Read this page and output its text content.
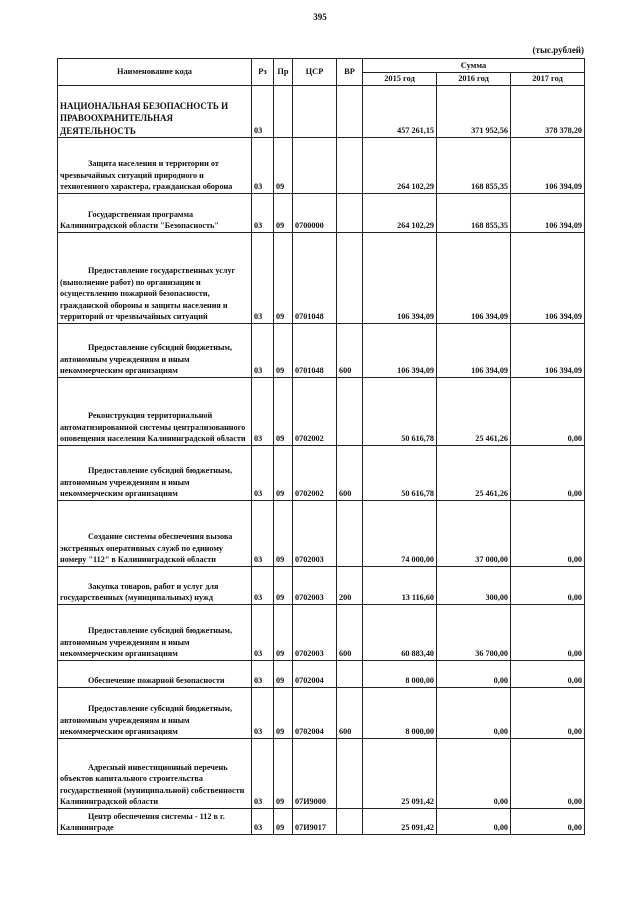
395
(тыс.рублей)
Наименование кода	Рз	Пр	ЦСР	ВР	Сумма		
					2015 год	2016 год	2017 год
НАЦИОНАЛЬНАЯ БЕЗОПАСНОСТЬ И ПРАВООХРАНИТЕЛЬНАЯ ДЕЯТЕЛЬНОСТЬ	03				457 261,15	371 952,56	378 378,20
Защита населения и территории от чрезвычайных ситуаций природного и техногенного характера, гражданская оборона	03	09			264 102,29	168 855,35	106 394,09
Государственная программа Калининградской области "Безопасность"	03	09	0700000		264 102,29	168 855,35	106 394,09
Предоставление государственных услуг (выполнение работ) по организации и осуществлению пожарной безопасности, гражданской обороны и защиты населения и территорий от чрезвычайных ситуаций	03	09	0701048		106 394,09	106 394,09	106 394,09
Предоставление субсидий бюджетным, автономным учреждениям и иным некоммерческим организациям	03	09	0701048	600	106 394,09	106 394,09	106 394,09
Реконструкция территориальной автоматизированной системы централизованного оповещения населения Калининградской области	03	09	0702002		50 616,78	25 461,26	0,00
Предоставление субсидий бюджетным, автономным учреждениям и иным некоммерческим организациям	03	09	0702002	600	50 616,78	25 461,26	0,00
Создание системы обеспечения вызова экстренных оперативных служб по единому номеру "112" в Калининградской области	03	09	0702003		74 000,00	37 000,00	0,00
Закупка товаров, работ и услуг для государственных (муниципальных) нужд	03	09	0702003	200	13 116,60	300,00	0,00
Предоставление субсидий бюджетным, автономным учреждениям и иным некоммерческим организациям	03	09	0702003	600	60 883,40	36 700,00	0,00
Обеспечение пожарной безопасности	03	09	0702004		8 000,00	0,00	0,00
Предоставление субсидий бюджетным, автономным учреждениям и иным некоммерческим организациям	03	09	0702004	600	8 000,00	0,00	0,00
Адресный инвестиционный перечень объектов капитального строительства государственной (муниципальной) собственности Калининградской области	03	09	07И9000		25 091,42	0,00	0,00
Центр обеспечения системы - 112 в г. Калининграде	03	09	07И9017		25 091,42	0,00	0,00
